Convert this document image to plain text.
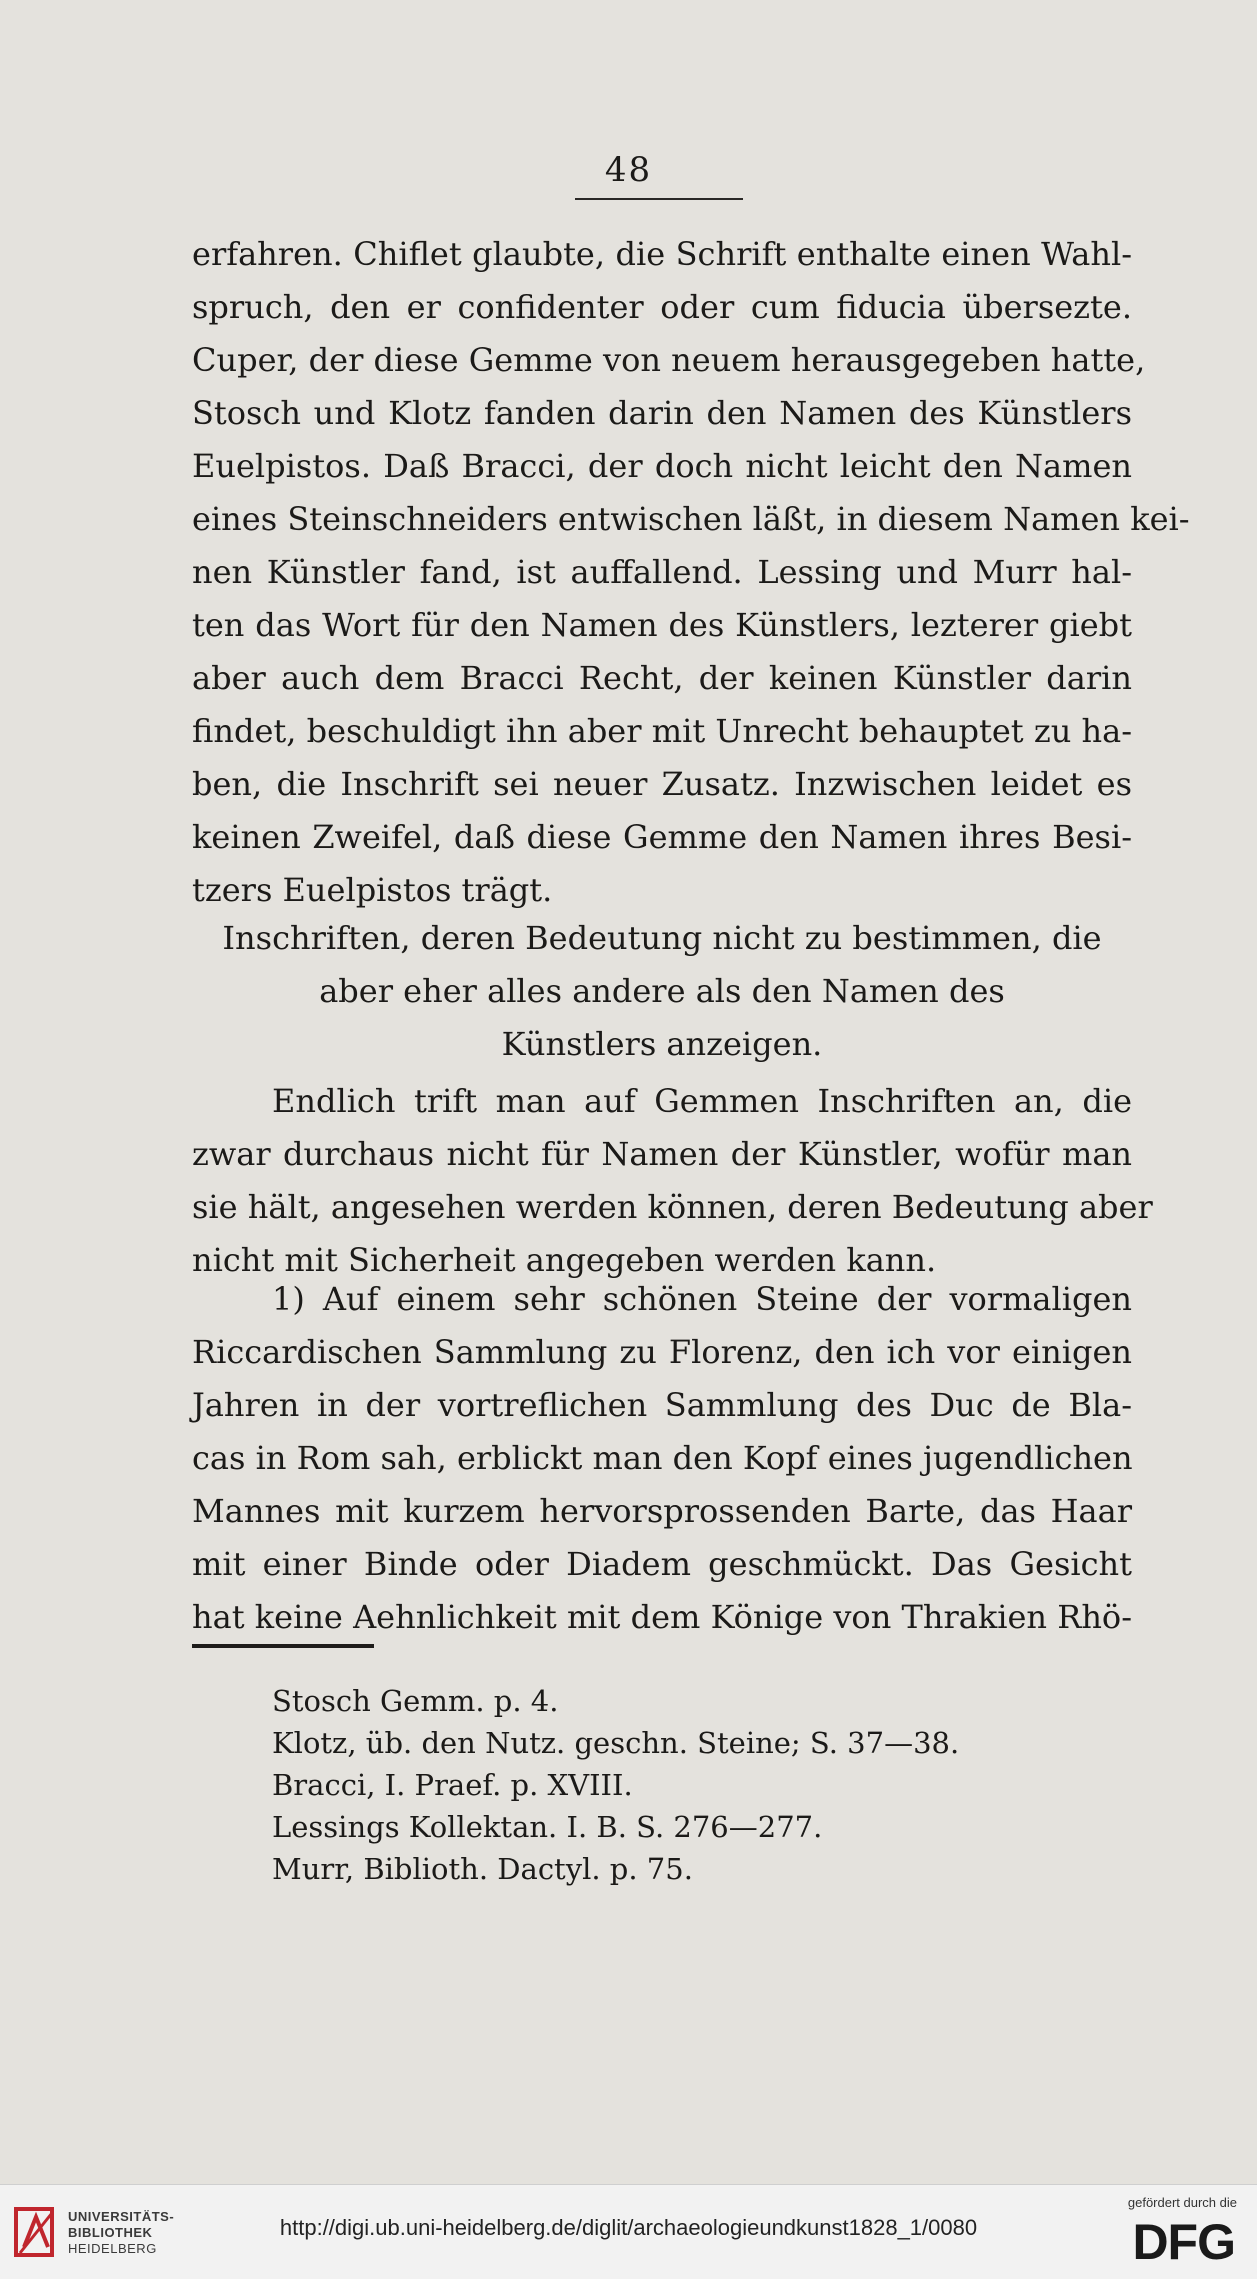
48
erfahren. Chiflet glaubte, die Schrift enthalte einen Wahl-
spruch, den er confidenter oder cum fiducia übersezte.
Cuper, der diese Gemme von neuem herausgegeben hatte,
Stosch und Klotz fanden darin den Namen des Künstlers
Euelpistos. Daß Bracci, der doch nicht leicht den Namen
eines Steinschneiders entwischen läßt, in diesem Namen kei-
nen Künstler fand, ist auffallend. Lessing und Murr hal-
ten das Wort für den Namen des Künstlers, lezterer giebt
aber auch dem Bracci Recht, der keinen Künstler darin
findet, beschuldigt ihn aber mit Unrecht behauptet zu ha-
ben, die Inschrift sei neuer Zusatz. Inzwischen leidet es
keinen Zweifel, daß diese Gemme den Namen ihres Besi-
tzers Euelpistos trägt.
Inschriften, deren Bedeutung nicht zu bestimmen, die
aber eher alles andere als den Namen des
Künstlers anzeigen.
Endlich trift man auf Gemmen Inschriften an, die
zwar durchaus nicht für Namen der Künstler, wofür man
sie hält, angesehen werden können, deren Bedeutung aber
nicht mit Sicherheit angegeben werden kann.
1) Auf einem sehr schönen Steine der vormaligen
Riccardischen Sammlung zu Florenz, den ich vor einigen
Jahren in der vortreflichen Sammlung des Duc de Bla-
cas in Rom sah, erblickt man den Kopf eines jugendlichen
Mannes mit kurzem hervorsprossenden Barte, das Haar
mit einer Binde oder Diadem geschmückt. Das Gesicht
hat keine Aehnlichkeit mit dem Könige von Thrakien Rhö-
Stosch Gemm. p. 4.
Klotz, üb. den Nutz. geschn. Steine; S. 37—38.
Bracci, I. Praef. p. XVIII.
Lessings Kollektan. I. B. S. 276—277.
Murr, Biblioth. Dactyl. p. 75.
UNIVERSITÄTS-
BIBLIOTHEK
HEIDELBERG
http://digi.ub.uni-heidelberg.de/diglit/archaeologieundkunst1828_1/0080
gefördert durch die
DFG
